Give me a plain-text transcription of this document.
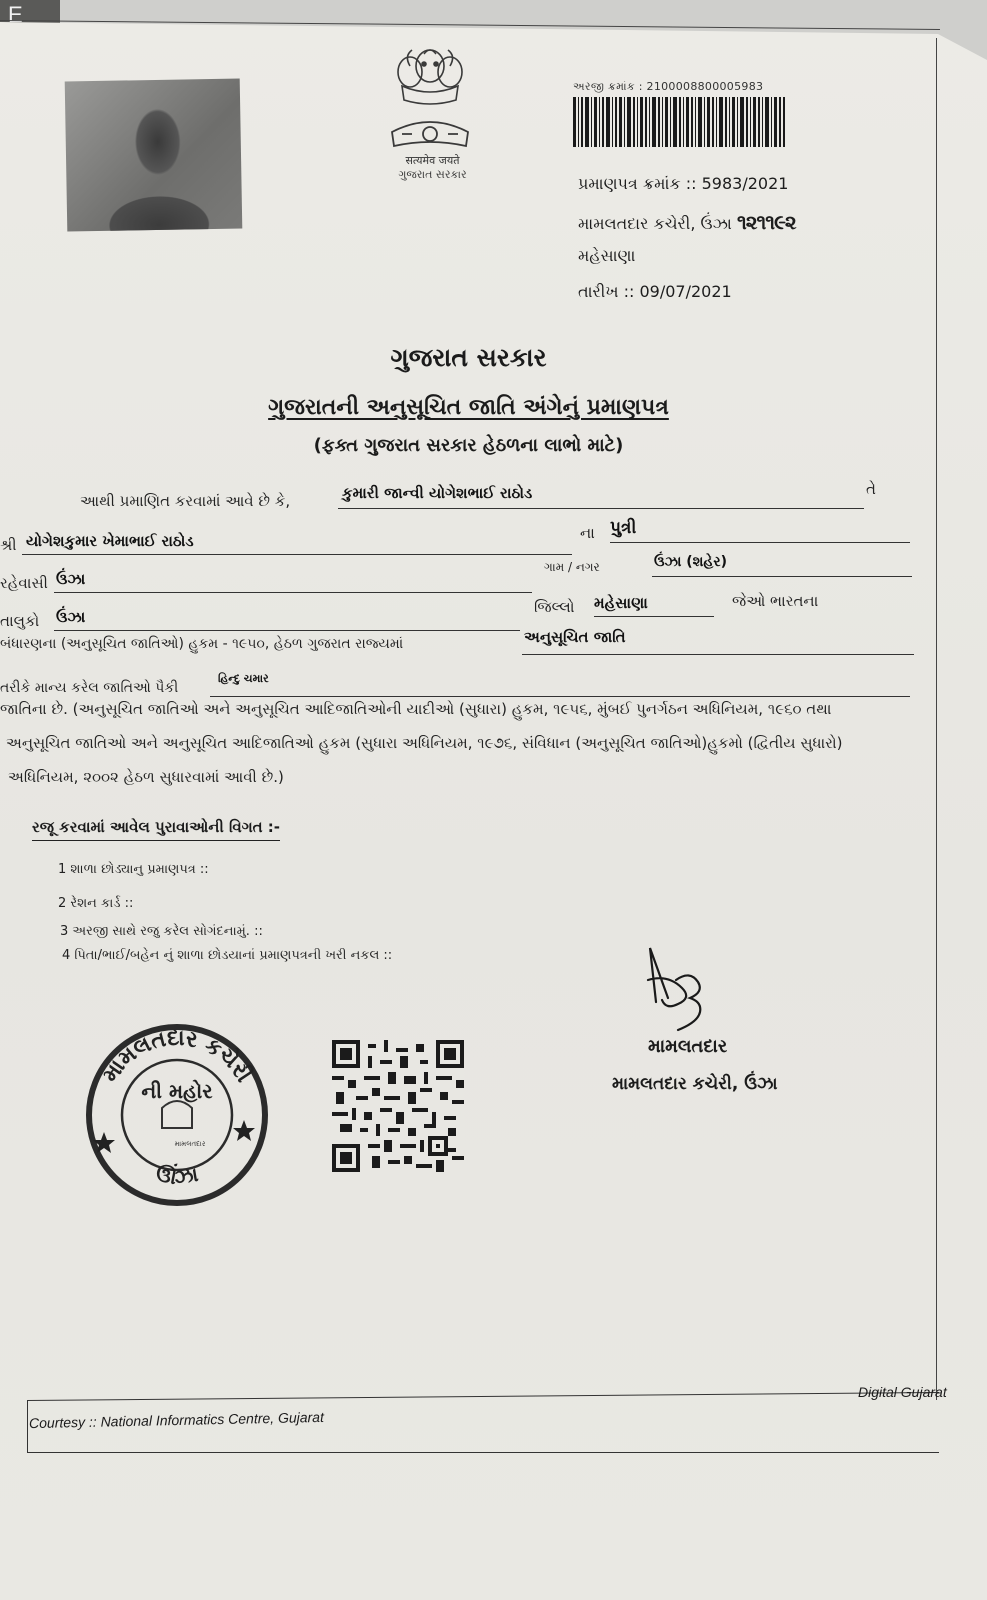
E
सत्यमेव जयते
ગુજરાત સરકાર
અરજી ક્રમાંક : 2100008800005983
પ્રમાણપત્ર ક્રમાંક :: 5983/2021
મામલતદાર કચેરી, ઉંઝા ૧૨૧૧૯૨
મહેસાણા
તારીખ :: 09/07/2021
ગુજરાત સરકાર
ગુજરાતની અનુસૂચિત જાતિ અંગેનું પ્રમાણપત્ર
(ફક્ત ગુજરાત સરકાર હેઠળના લાભો માટે)
આથી પ્રમાણિત કરવામાં આવે છે કે,	કુમારી જાન્વી યોગેશભાઈ રાઠોડ	તે
શ્રી યોગેશકુમાર ખેમાભાઈ રાઠોડ	ના પુત્રી
ગામ / નગર	ઉંઝા (શહેર)
રહેવાસી ઉંઝા
તાલુકો ઉંઝા
જિલ્લો મહેસાણા	જેઓ ભારતના
બંધારણના (અનુસૂચિત જાતિઓ) હુકમ - ૧૯૫૦, હેઠળ ગુજરાત રાજ્યમાં	અનુસૂચિત જાતિ
તરીકે માન્ય કરેલ જાતિઓ પૈકી
હિન્દુ ચમાર
જાતિના છે. (અનુસૂચિત જાતિઓ અને અનુસૂચિત આદિજાતિઓની યાદીઓ (સુધારા) હુકમ, ૧૯૫૬, મુંબઈ પુનર્ગઠન અધિનિયમ, ૧૯૬૦ તથા
અનુસૂચિત જાતિઓ અને અનુસૂચિત આદિજાતિઓ હુકમ (સુધારા અધિનિયમ, ૧૯૭૬, સંવિધાન (અનુસૂચિત જાતિઓ)હુકમો (દ્વિતીય સુધારો)
અધિનિયમ, ૨૦૦૨ હેઠળ સુધારવામાં આવી છે.)
રજૂ કરવામાં આવેલ પુરાવાઓની વિગત :-
1 શાળા છોડ્યાનુ પ્રમાણપત્ર ::
2 રેશન કાર્ડ ::
3 અરજી સાથે રજુ કરેલ સોગંદનામું. ::
4 પિતા/ભાઈ/બહેન નું શાળા છોડયાનાં પ્રમાણપત્રની ખરી નકલ ::
મામલતદાર કચેરી
ઊંઝા
ની મહોર
મામલતદાર
મામલતદાર
મામલતદાર કચેરી, ઉંઝા
Courtesy :: National Informatics Centre, Gujarat
Digital Gujarat
